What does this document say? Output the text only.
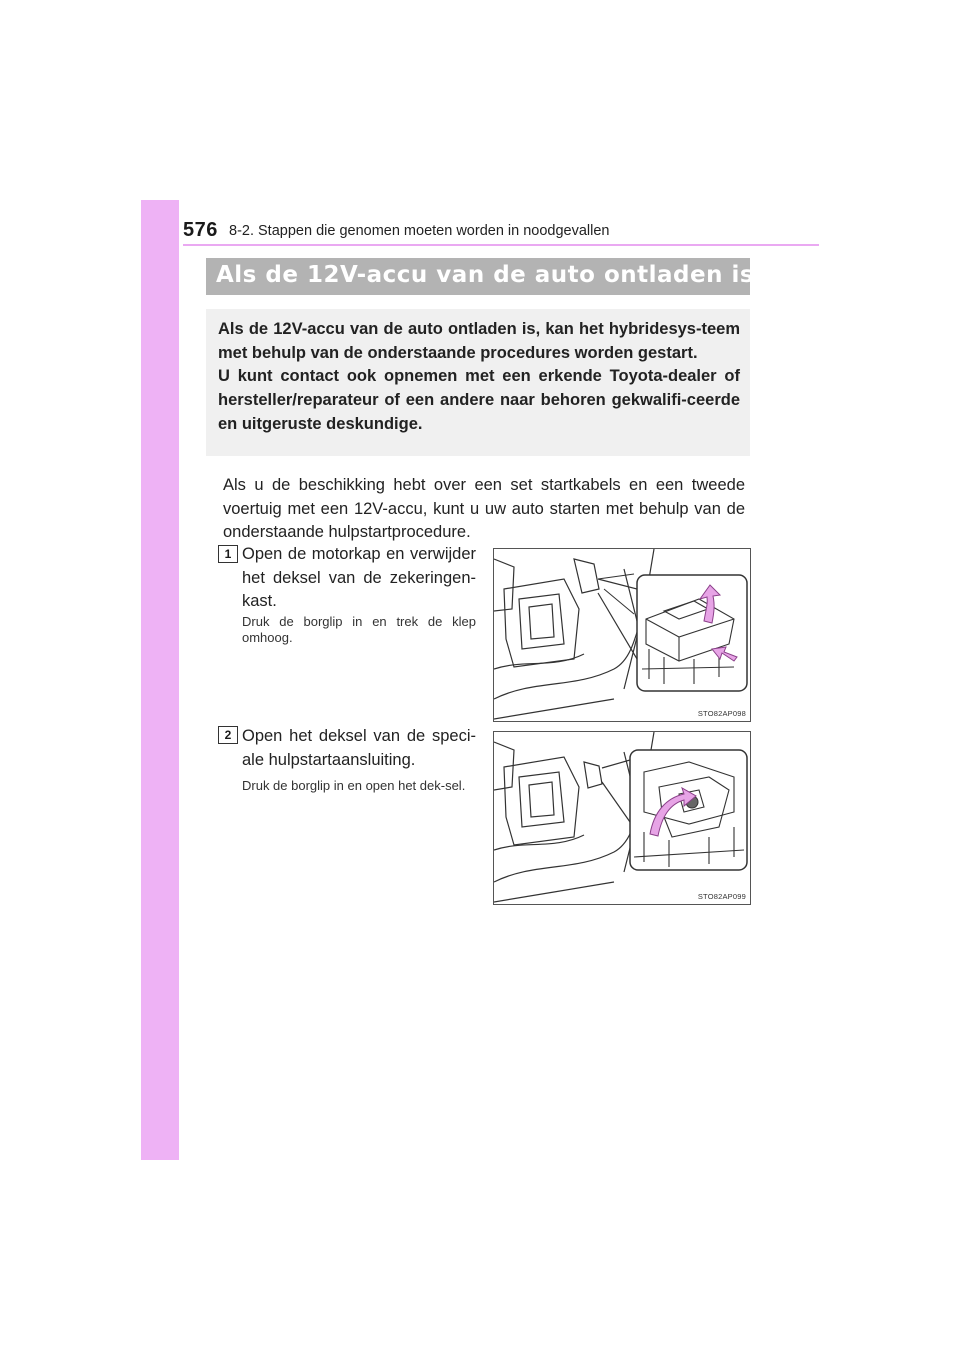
576 8-2. Stappen die genomen moeten worden in noodgevallen
Als de 12V-accu van de auto ontladen is
Als de 12V-accu van de auto ontladen is, kan het hybridesys-teem met behulp van de onderstaande procedures worden gestart.
U kunt contact ook opnemen met een erkende Toyota-dealer of hersteller/reparateur of een andere naar behoren gekwalifi-ceerde en uitgeruste deskundige.
Als u de beschikking hebt over een set startkabels en een tweede voertuig met een 12V-accu, kunt u uw auto starten met behulp van de onderstaande hulpstartprocedure.
1 Open de motorkap en verwijder het deksel van de zekeringen-kast.
Druk de borglip in en trek de klep omhoog.
STO82AP098
2 Open het deksel van de speci-ale hulpstartaansluiting.
Druk de borglip in en open het dek-sel.
STO82AP099
